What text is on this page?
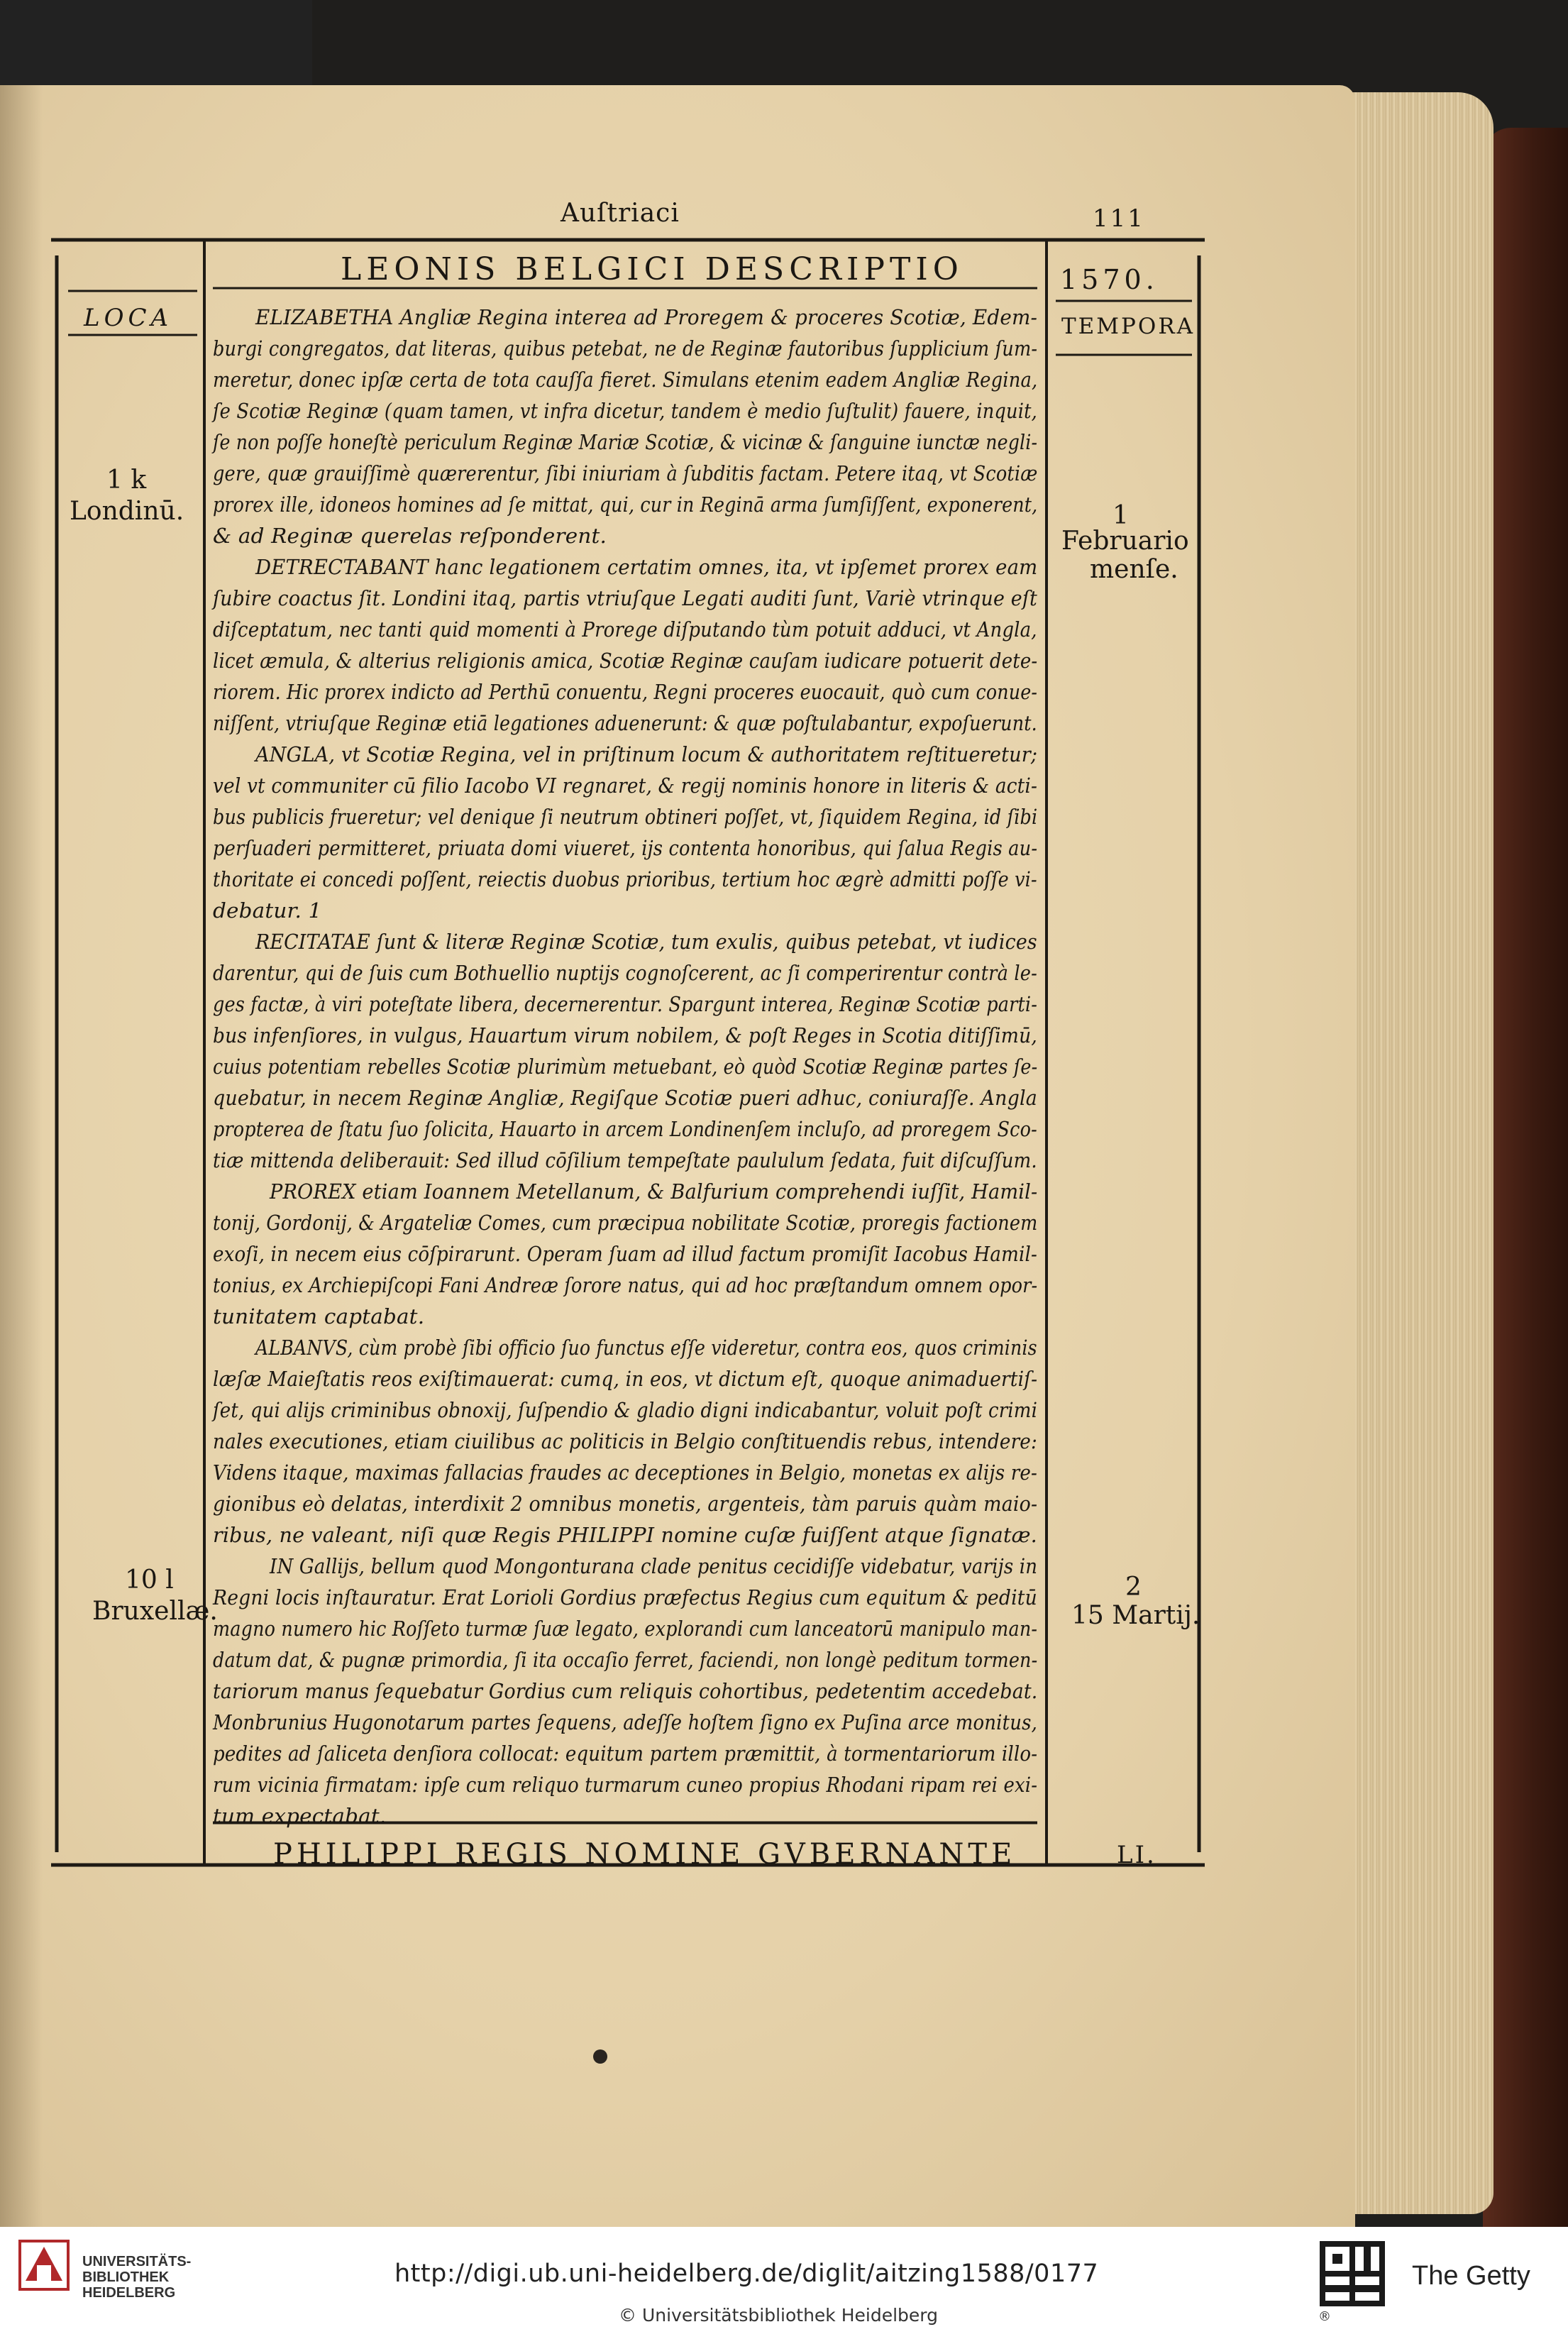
Auſtriaci	111
LEONIS BELGICI DESCRIPTIO	1570.
LOCA	TEMPORA
1 k
Londinū.
10 l
Bruxellæ.
1
Februario
menſe.
2
15 Martij.
ELIZABETHA Angliæ Regina interea ad Proregem & proceres Scotiæ, Edem-
burgi congregatos, dat literas, quibus petebat, ne de Reginæ fautoribus ſupplicium ſum-
meretur, donec ipſæ certa de tota cauſſa fieret. Simulans etenim eadem Angliæ Regina,
ſe Scotiæ Reginæ (quam tamen, vt infra dicetur, tandem è medio ſuſtulit) fauere, inquit,
ſe non poſſe honeſtè periculum Reginæ Mariæ Scotiæ, & vicinæ & ſanguine iunctæ negli-
gere, quæ grauiſſimè quærerentur, ſibi iniuriam à ſubditis factam. Petere itaq, vt Scotiæ
prorex ille, idoneos homines ad ſe mittat, qui, cur in Reginā arma ſumſiſſent, exponerent,
& ad Reginæ querelas reſponderent.
DETRECTABANT hanc legationem certatim omnes, ita, vt ipſemet prorex eam
ſubire coactus ſit. Londini itaq, partis vtriuſque Legati auditi ſunt, Variè vtrinque eſt
diſceptatum, nec tanti quid momenti à Prorege diſputando tùm potuit adduci, vt Angla,
licet æmula, & alterius religionis amica, Scotiæ Reginæ cauſam iudicare potuerit dete-
riorem. Hic prorex indicto ad Perthū conuentu, Regni proceres euocauit, quò cum conue-
niſſent, vtriuſque Reginæ etiā legationes aduenerunt: & quæ poſtulabantur, expoſuerunt.
ANGLA, vt Scotiæ Regina, vel in priſtinum locum & authoritatem reſtitueretur;
vel vt communiter cū filio Iacobo VI regnaret, & regij nominis honore in literis & acti-
bus publicis frueretur; vel denique ſi neutrum obtineri poſſet, vt, ſiquidem Regina, id ſibi
perſuaderi permitteret, priuata domi viueret, ijs contenta honoribus, qui ſalua Regis au-
thoritate ei concedi poſſent, reiectis duobus prioribus, tertium hoc ægrè admitti poſſe vi-
debatur. 1
RECITATAE ſunt & literæ Reginæ Scotiæ, tum exulis, quibus petebat, vt iudices
darentur, qui de ſuis cum Bothuellio nuptijs cognoſcerent, ac ſi comperirentur contrà le-
ges factæ, à viri poteſtate libera, decernerentur. Spargunt interea, Reginæ Scotiæ parti-
bus infenſiores, in vulgus, Hauartum virum nobilem, & poſt Reges in Scotia ditiſſimū,
cuius potentiam rebelles Scotiæ plurimùm metuebant, eò quòd Scotiæ Reginæ partes ſe-
quebatur, in necem Reginæ Angliæ, Regiſque Scotiæ pueri adhuc, coniuraſſe. Angla
propterea de ſtatu ſuo ſolicita, Hauarto in arcem Londinenſem incluſo, ad proregem Sco-
tiæ mittenda deliberauit: Sed illud cōſilium tempeſtate paululum ſedata, fuit diſcuſſum.
PROREX etiam Ioannem Metellanum, & Balfurium comprehendi iuſſit, Hamil-
tonij, Gordonij, & Argateliæ Comes, cum præcipua nobilitate Scotiæ, proregis factionem
exoſi, in necem eius cōſpirarunt. Operam ſuam ad illud factum promiſit Iacobus Hamil-
tonius, ex Archiepiſcopi Fani Andreæ ſorore natus, qui ad hoc præſtandum omnem opor-
tunitatem captabat.
ALBANVS, cùm probè ſibi officio ſuo functus eſſe videretur, contra eos, quos criminis
læſæ Maieſtatis reos exiſtimauerat: cumq, in eos, vt dictum eſt, quoque animaduertiſ-
ſet, qui alijs criminibus obnoxij, ſuſpendio & gladio digni indicabantur, voluit poſt crimi
nales executiones, etiam ciuilibus ac politicis in Belgio conſtituendis rebus, intendere:
Videns itaque, maximas fallacias fraudes ac deceptiones in Belgio, monetas ex alijs re-
gionibus eò delatas, interdixit 2 omnibus monetis, argenteis, tàm paruis quàm maio-
ribus, ne valeant, niſi quæ Regis PHILIPPI nomine cuſæ fuiſſent atque ſignatæ.
IN Gallijs, bellum quod Mongonturana clade penitus cecidiſſe videbatur, varijs in
Regni locis inſtauratur. Erat Lorioli Gordius præfectus Regius cum equitum & peditū
magno numero hic Roſſeto turmæ ſuæ legato, explorandi cum lanceatorū manipulo man-
datum dat, & pugnæ primordia, ſi ita occaſio ferret, faciendi, non longè peditum tormen-
tariorum manus ſequebatur Gordius cum reliquis cohortibus, pedetentim accedebat.
Monbrunius Hugonotarum partes ſequens, adeſſe hoſtem ſigno ex Puſina arce monitus,
pedites ad ſaliceta denſiora collocat: equitum partem præmittit, à tormentariorum illo-
rum vicinia firmatam: ipſe cum reliquo turmarum cuneo propius Rhodani ripam rei exi-
tum expectabat.
PHILIPPI REGIS NOMINE GVBERNANTE	LI.
UNIVERSITÄTS-
BIBLIOTHEK
HEIDELBERG
http://digi.ub.uni-heidelberg.de/diglit/aitzing1588/0177
© Universitätsbibliothek Heidelberg	®
The Getty
